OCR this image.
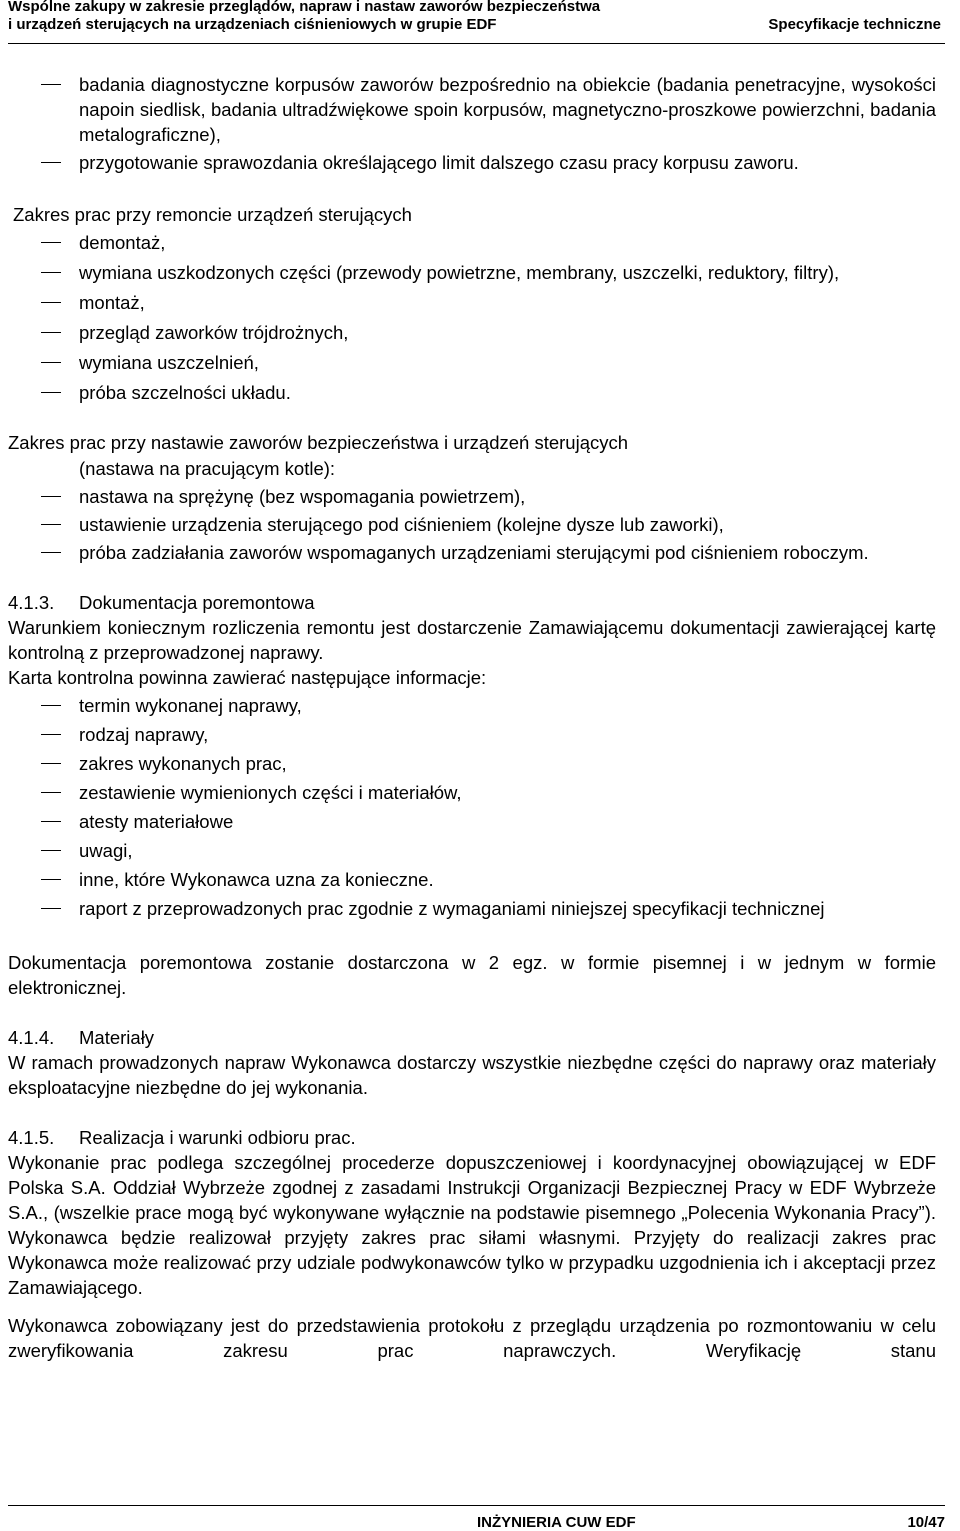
Wspólne zakupy w zakresie przeglądów, napraw i nastaw zaworów bezpieczeństwa
i urządzeń sterujących na urządzeniach ciśnieniowych w grupie EDF	Specyfikacje techniczne
badania diagnostyczne korpusów zaworów bezpośrednio na obiekcie (badania penetracyjne, wysokości napoin siedlisk, badania ultradźwiękowe spoin korpusów, magnetyczno-proszkowe powierzchni, badania metalograficzne),
przygotowanie sprawozdania określającego limit dalszego czasu pracy korpusu zaworu.
Zakres prac przy remoncie urządzeń sterujących
demontaż,
wymiana uszkodzonych części (przewody powietrzne, membrany, uszczelki, reduktory, filtry),
montaż,
przegląd zaworków trójdrożnych,
wymiana uszczelnień,
próba szczelności układu.
Zakres prac przy nastawie zaworów bezpieczeństwa i urządzeń sterujących
(nastawa na pracującym kotle):
nastawa na sprężynę (bez wspomagania powietrzem),
ustawienie urządzenia sterującego pod ciśnieniem (kolejne dysze lub zaworki),
próba zadziałania zaworów wspomaganych urządzeniami sterującymi pod ciśnieniem roboczym.
4.1.3. Dokumentacja poremontowa
Warunkiem koniecznym rozliczenia remontu jest dostarczenie Zamawiającemu dokumentacji zawierającej kartę kontrolną z przeprowadzonej naprawy.
Karta kontrolna powinna zawierać następujące informacje:
termin wykonanej naprawy,
rodzaj naprawy,
zakres wykonanych prac,
zestawienie wymienionych części i materiałów,
atesty materiałowe
uwagi,
inne, które Wykonawca uzna za konieczne.
raport z przeprowadzonych prac zgodnie z wymaganiami niniejszej specyfikacji technicznej
Dokumentacja poremontowa zostanie dostarczona w 2 egz. w formie pisemnej i w jednym w formie elektronicznej.
4.1.4. Materiały
W ramach prowadzonych napraw Wykonawca dostarczy wszystkie niezbędne części do naprawy oraz materiały eksploatacyjne niezbędne do jej wykonania.
4.1.5. Realizacja i warunki odbioru prac.
Wykonanie prac podlega szczególnej procederze dopuszczeniowej i koordynacyjnej obowiązującej w EDF Polska S.A. Oddział Wybrzeże zgodnej z zasadami Instrukcji Organizacji Bezpiecznej Pracy w EDF Wybrzeże S.A., (wszelkie prace mogą być wykonywane wyłącznie na podstawie pisemnego „Polecenia Wykonania Pracy”). Wykonawca będzie realizował przyjęty zakres prac siłami własnymi. Przyjęty do realizacji zakres prac Wykonawca może realizować przy udziale podwykonawców tylko w przypadku uzgodnienia ich i akceptacji przez Zamawiającego.
Wykonawca zobowiązany jest do przedstawienia protokołu z przeglądu urządzenia po rozmontowaniu w celu zweryfikowania zakresu prac naprawczych. Weryfikację stanu
INŻYNIERIA CUW EDF	10/47
